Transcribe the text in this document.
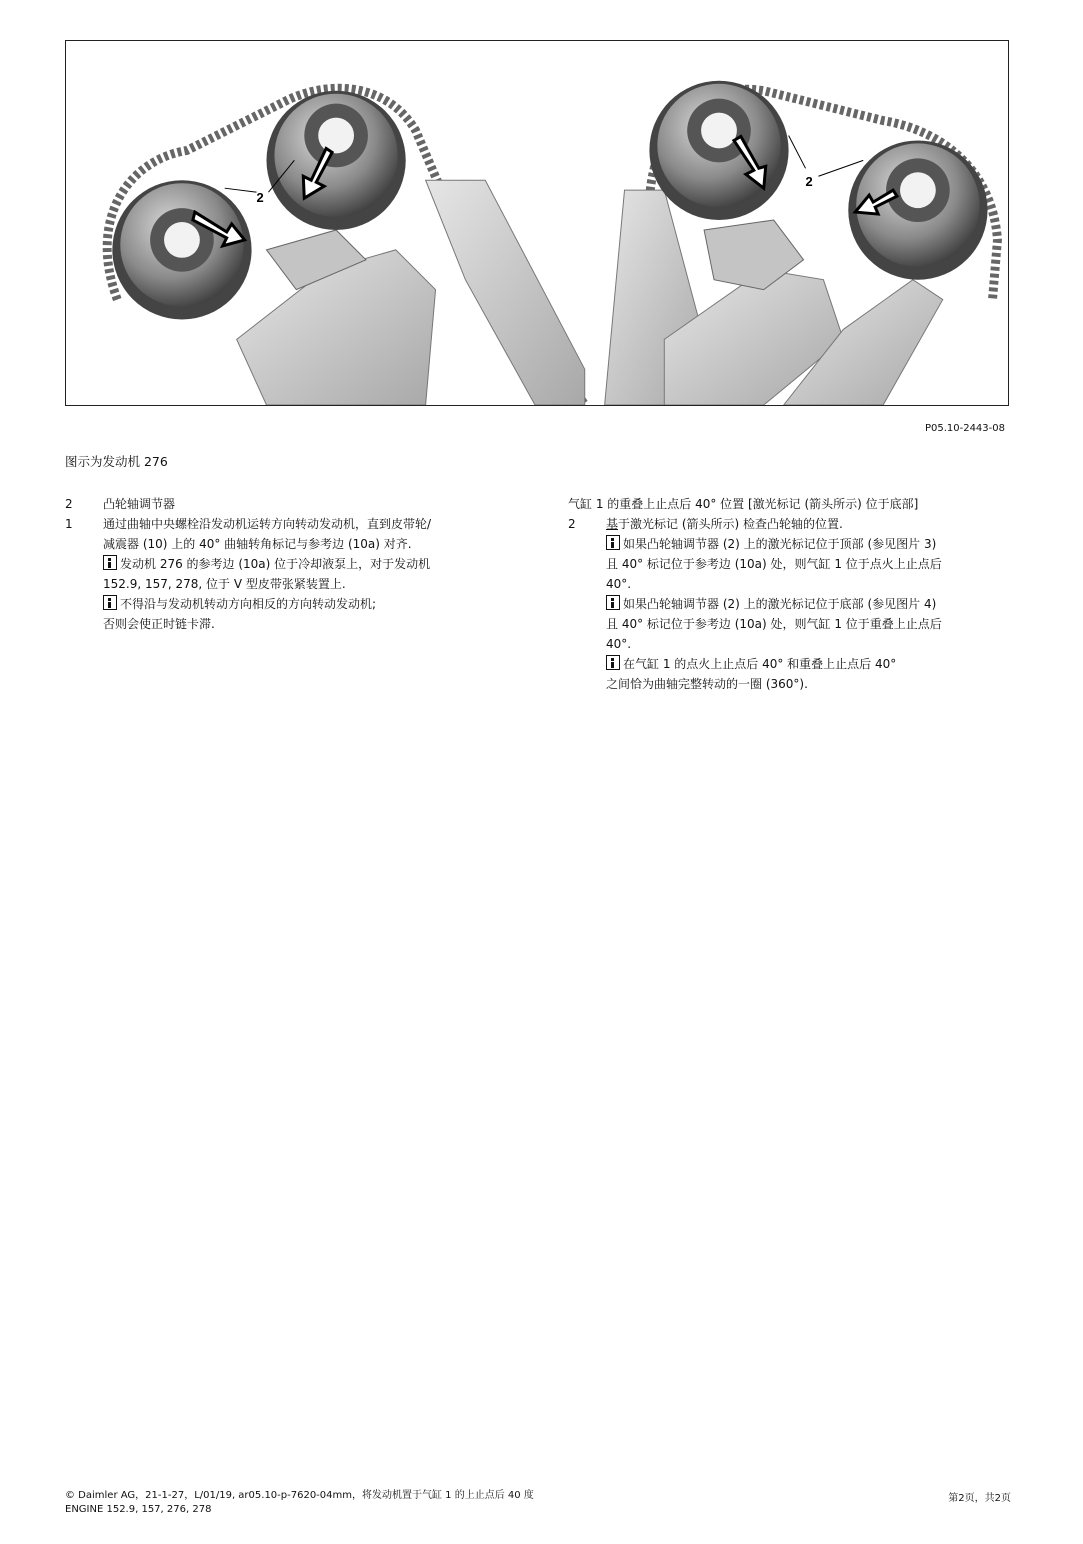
2
2
P05.10-2443-08
图示为发动机 276
2	凸轮轴调节器
1	通过曲轴中央螺栓沿发动机运转方向转动发动机，直到皮带轮/
减震器 (10) 上的 40° 曲轴转角标记与参考边 (10a) 对齐.
发动机 276 的参考边 (10a) 位于冷却液泵上，对于发动机
152.9, 157, 278, 位于 V 型皮带张紧装置上.
不得沿与发动机转动方向相反的方向转动发动机;
否则会使正时链卡滞.
气缸 1 的重叠上止点后 40° 位置 [激光标记 (箭头所示) 位于底部]
2	基于激光标记 (箭头所示) 检查凸轮轴的位置.
如果凸轮轴调节器 (2) 上的激光标记位于顶部 (参见图片 3)
且 40° 标记位于参考边 (10a) 处，则气缸 1 位于点火上止点后
40°.
如果凸轮轴调节器 (2) 上的激光标记位于底部 (参见图片 4)
且 40° 标记位于参考边 (10a) 处，则气缸 1 位于重叠上止点后
40°.
在气缸 1 的点火上止点后 40° 和重叠上止点后 40°
之间恰为曲轴完整转动的一圈 (360°).
© Daimler AG，21-1-27，L/01/19, ar05.10-p-7620-04mm，将发动机置于气缸 1 的上止点后 40 度
ENGINE 152.9, 157, 276, 278
第2页，共2页
